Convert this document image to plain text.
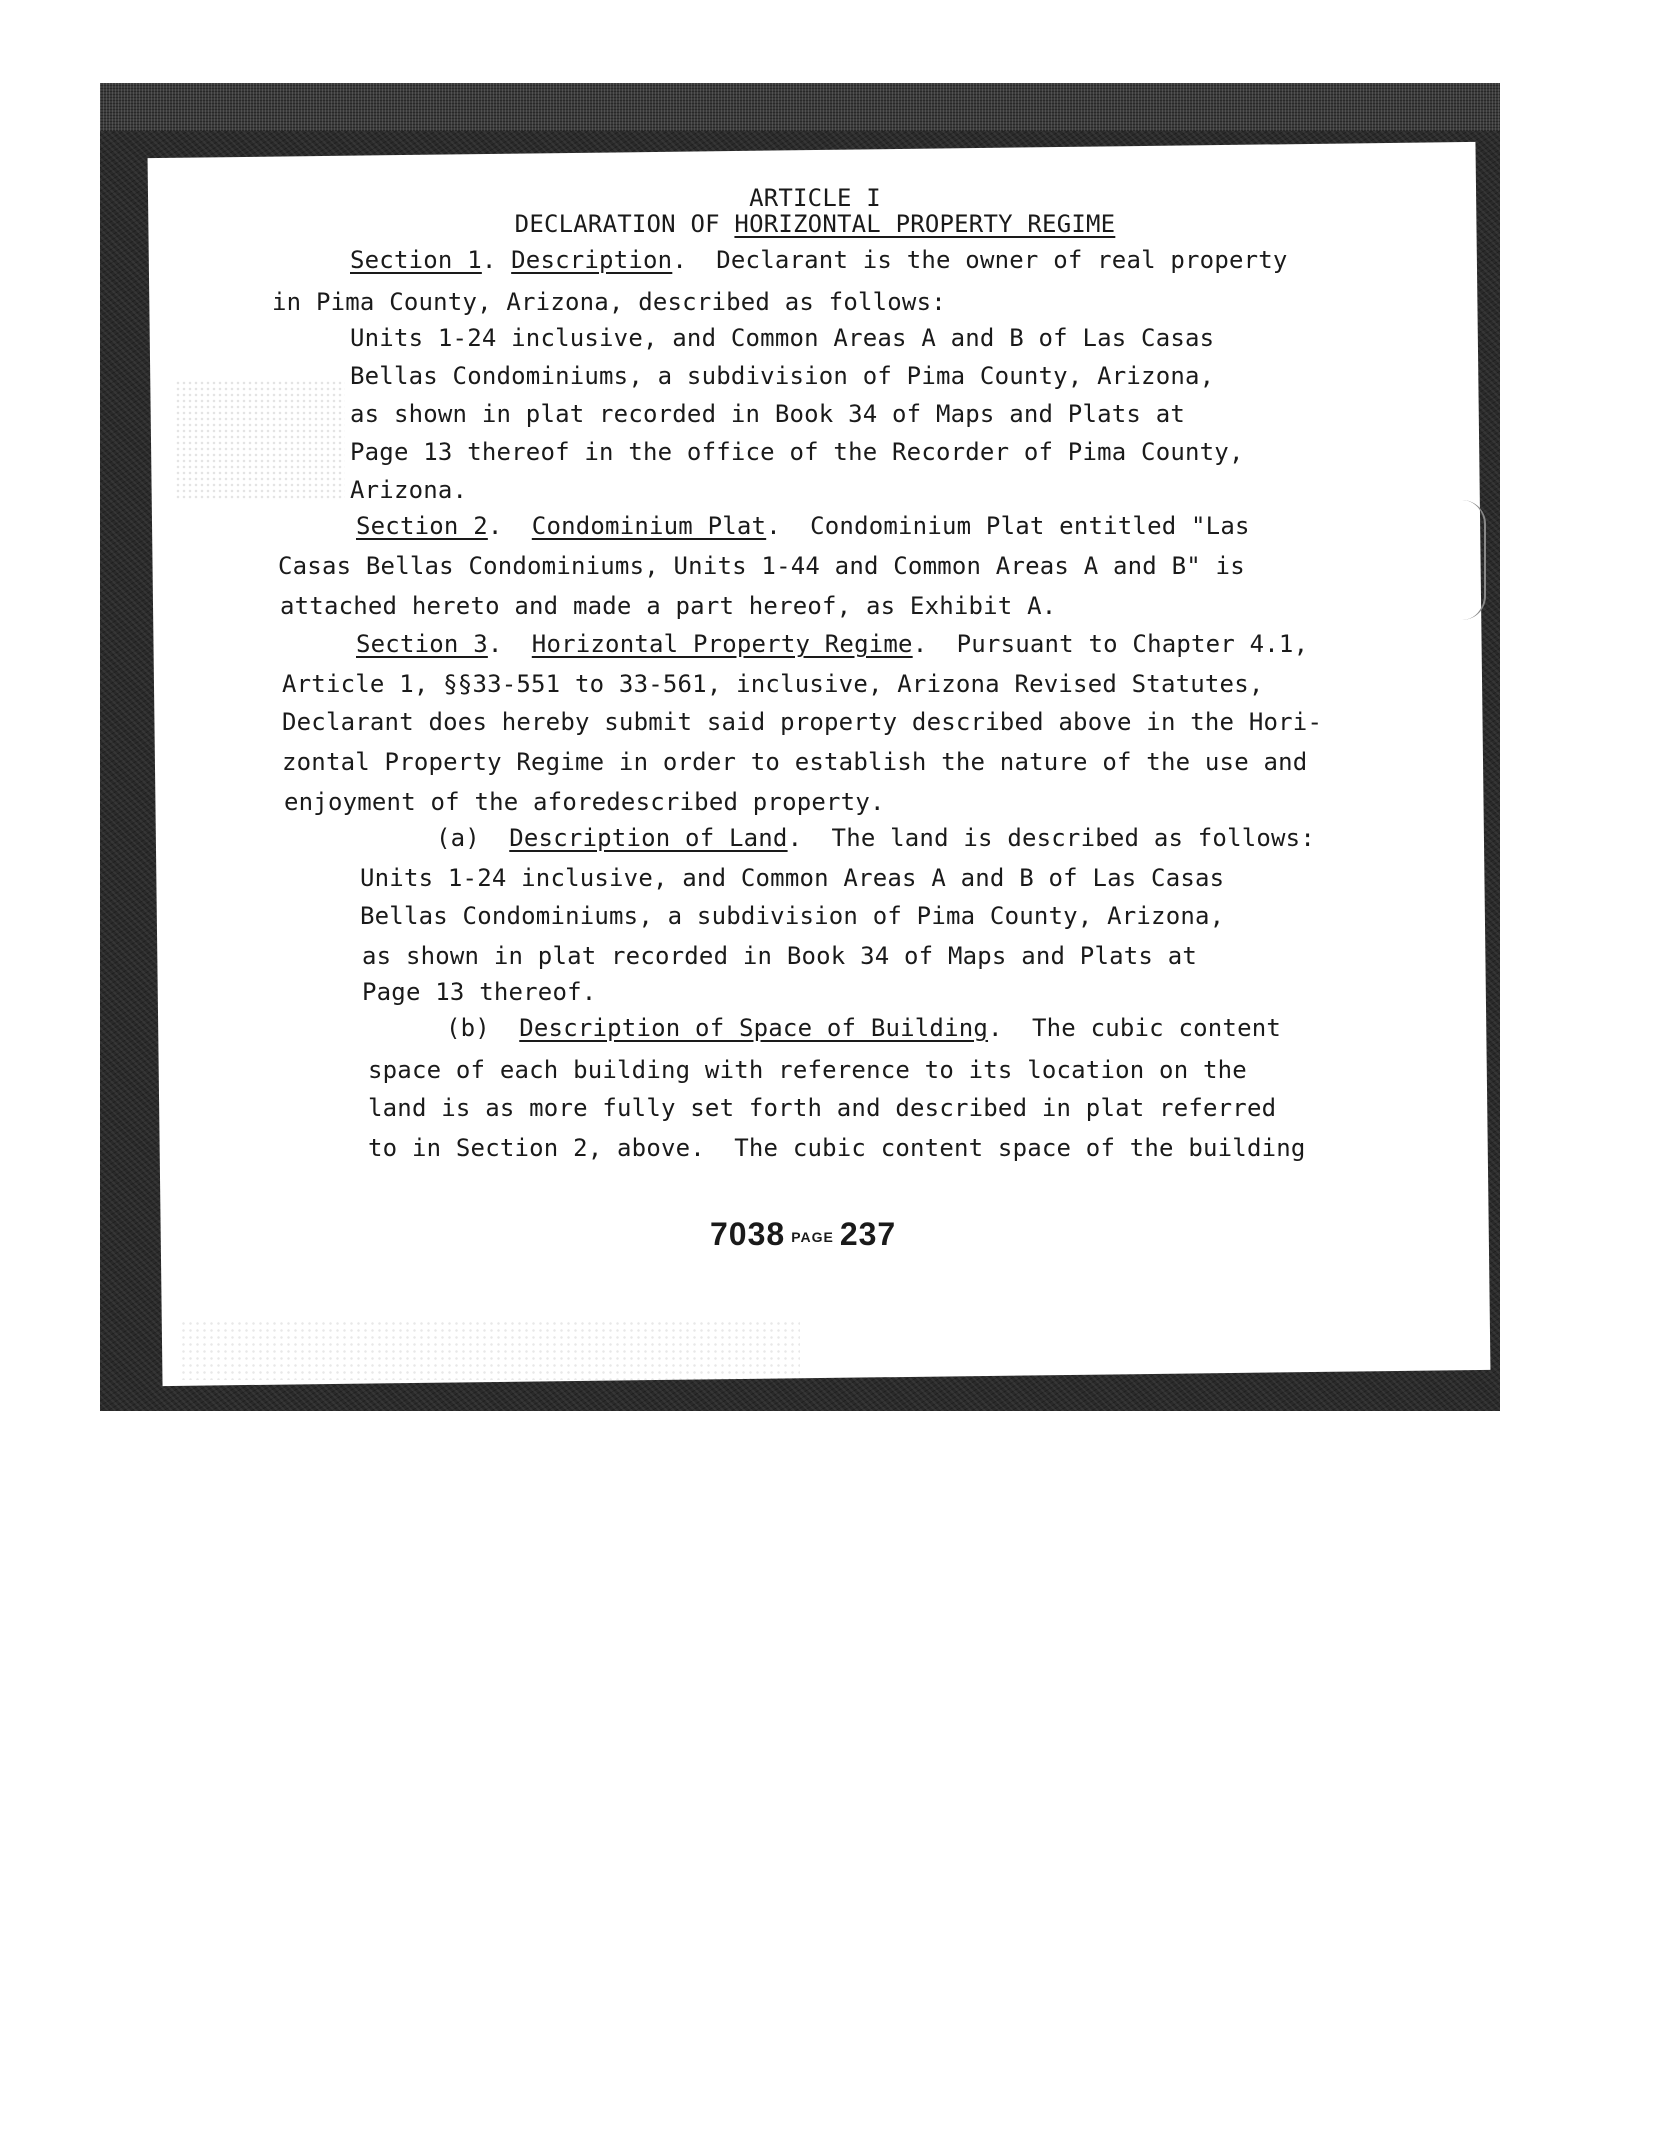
ARTICLE I
DECLARATION OF HORIZONTAL PROPERTY REGIME
Section 1. Description.  Declarant is the owner of real property
in Pima County, Arizona, described as follows:
Units 1-24 inclusive, and Common Areas A and B of Las Casas
Bellas Condominiums, a subdivision of Pima County, Arizona,
as shown in plat recorded in Book 34 of Maps and Plats at
Page 13 thereof in the office of the Recorder of Pima County,
Arizona.
Section 2.  Condominium Plat.  Condominium Plat entitled "Las
Casas Bellas Condominiums, Units 1-44 and Common Areas A and B" is
attached hereto and made a part hereof, as Exhibit A.
Section 3.  Horizontal Property Regime.  Pursuant to Chapter 4.1,
Article 1, §§33-551 to 33-561, inclusive, Arizona Revised Statutes,
Declarant does hereby submit said property described above in the Hori-
zontal Property Regime in order to establish the nature of the use and
enjoyment of the aforedescribed property.
(a)  Description of Land.  The land is described as follows:
Units 1-24 inclusive, and Common Areas A and B of Las Casas
Bellas Condominiums, a subdivision of Pima County, Arizona,
as shown in plat recorded in Book 34 of Maps and Plats at
Page 13 thereof.
(b)  Description of Space of Building.  The cubic content
space of each building with reference to its location on the
land is as more fully set forth and described in plat referred
to in Section 2, above.  The cubic content space of the building
7038 PAGE 237
